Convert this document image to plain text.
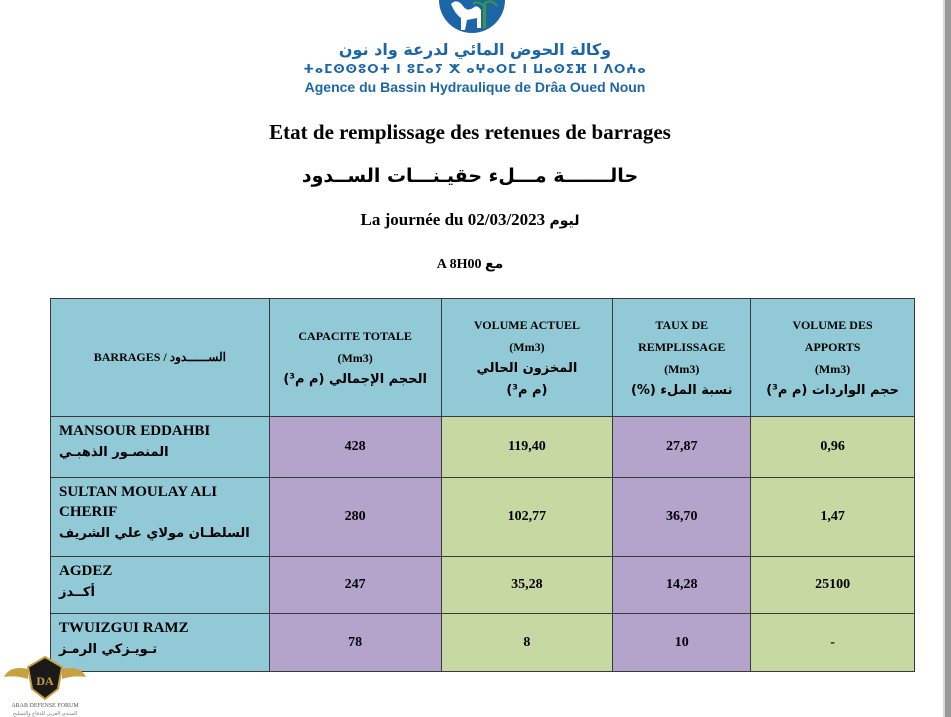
وكالة الحوض المائي لدرعة واد نون
ⵜⴰⵎⵙⵙⵓⵔⵜ ⵏ ⵓⵎⴰⵢ ⵅ ⴰⵖⴰⵔⵎ ⵏ ⵡⴰⵙⵉⴼ ⵏ ⴷⵔⵄⴰ
Agence du Bassin Hydraulique de Drâa Oued Noun
Etat de remplissage des retenues de barrages
حالـــــــة مـــلء حقيـنـــات الســدود
La journée du 02/03/2023 ليوم
A 8H00 مع
BARRAGES / الســــــدود	CAPACITE TOTALE
(Mm3)
الحجم الإجمالي (م م³)	VOLUME ACTUEL
(Mm3)
المخزون الحالي
(م م³)	TAUX DE
REMPLISSAGE
(Mm3)
نسبة الملء (%)	VOLUME DES
APPORTS
(Mm3)
حجم الواردات (م م³)

MANSOUR EDDAHBI
المنصـور الذهبـي	428	119,40	27,87	0,96

SULTAN MOULAY ALI CHERIF
السلطـان مولاي علي الشريف	280	102,77	36,70	1,47

AGDEZ
أكــدز	247	35,28	14,28	25100

TWUIZGUI RAMZ
تـويـزكي الرمـز	78	8	10	-
DA
ARAB DEFENSE FORUM
المنتدى العربي للدفاع والتسليح
